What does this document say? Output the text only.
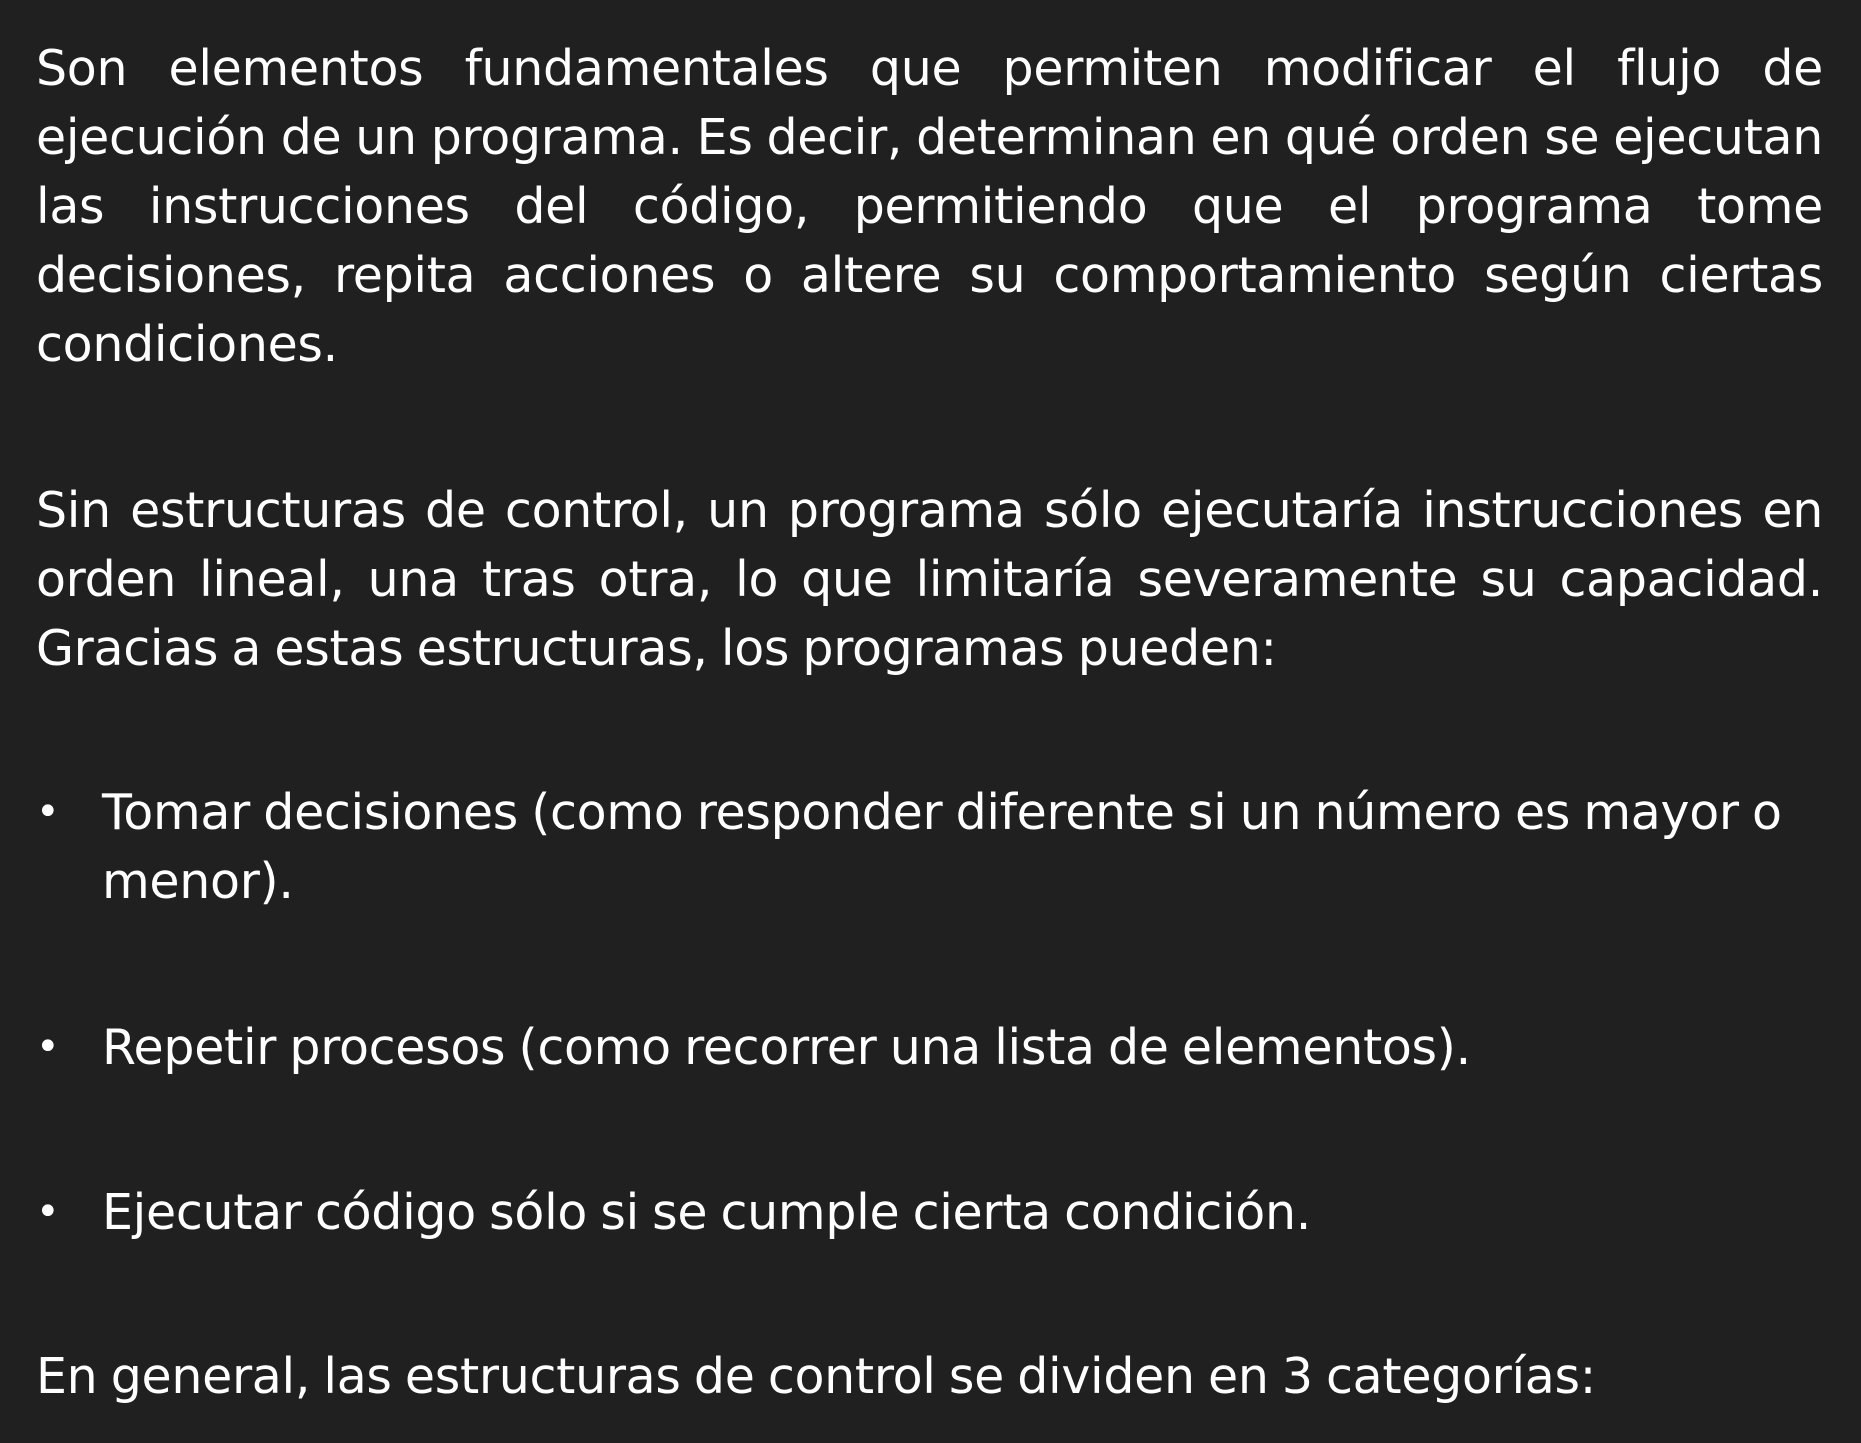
Son elementos fundamentales que permiten modificar el flujo de ejecución de un programa. Es decir, determinan en qué orden se ejecutan las instrucciones del código, permitiendo que el programa tome decisiones, repita acciones o altere su comportamiento según ciertas condiciones.

Sin estructuras de control, un programa sólo ejecutaría instrucciones en orden lineal, una tras otra, lo que limitaría severamente su capacidad. Gracias a estas estructuras, los programas pueden:

• Tomar decisiones (como responder diferente si un número es mayor o menor).
• Repetir procesos (como recorrer una lista de elementos).
• Ejecutar código sólo si se cumple cierta condición.

En general, las estructuras de control se dividen en 3 categorías:
